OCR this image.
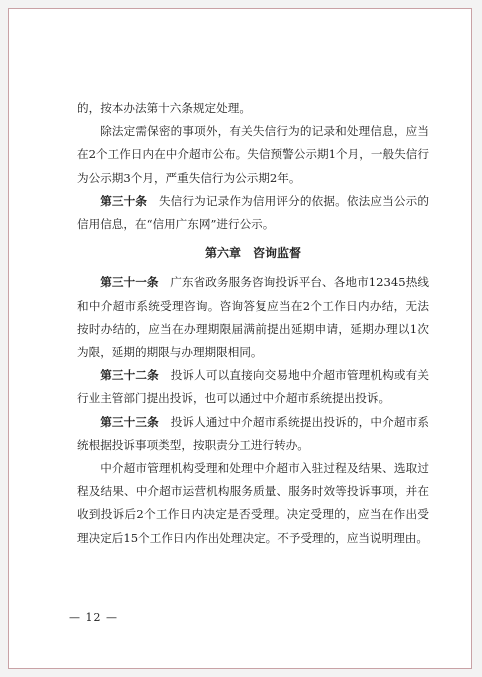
的，按本办法第十六条规定处理。

除法定需保密的事项外，有关失信行为的记录和处理信息，应当在2个工作日内在中介超市公布。失信预警公示期1个月，一般失信行为公示期3个月，严重失信行为公示期2年。

第三十条　 失信行为记录作为信用评分的依据。依法应当公示的信用信息，在“信用广东网”进行公示。

第六章　咨询监督

第三十一条　 广东省政务服务咨询投诉平台、各地市12345热线和中介超市系统受理咨询。咨询答复应当在2个工作日内办结，无法按时办结的，应当在办理期限届满前提出延期申请，延期办理以1次为限，延期的期限与办理期限相同。

第三十二条　 投诉人可以直接向交易地中介超市管理机构或有关行业主管部门提出投诉，也可以通过中介超市系统提出投诉。

第三十三条　 投诉人通过中介超市系统提出投诉的，中介超市系统根据投诉事项类型，按职责分工进行转办。

中介超市管理机构受理和处理中介超市入驻过程及结果、选取过程及结果、中介超市运营机构服务质量、服务时效等投诉事项，并在收到投诉后2个工作日内决定是否受理。决定受理的，应当在作出受理决定后15个工作日内作出处理决定。不予受理的，应当说明理由。

— 12 —
